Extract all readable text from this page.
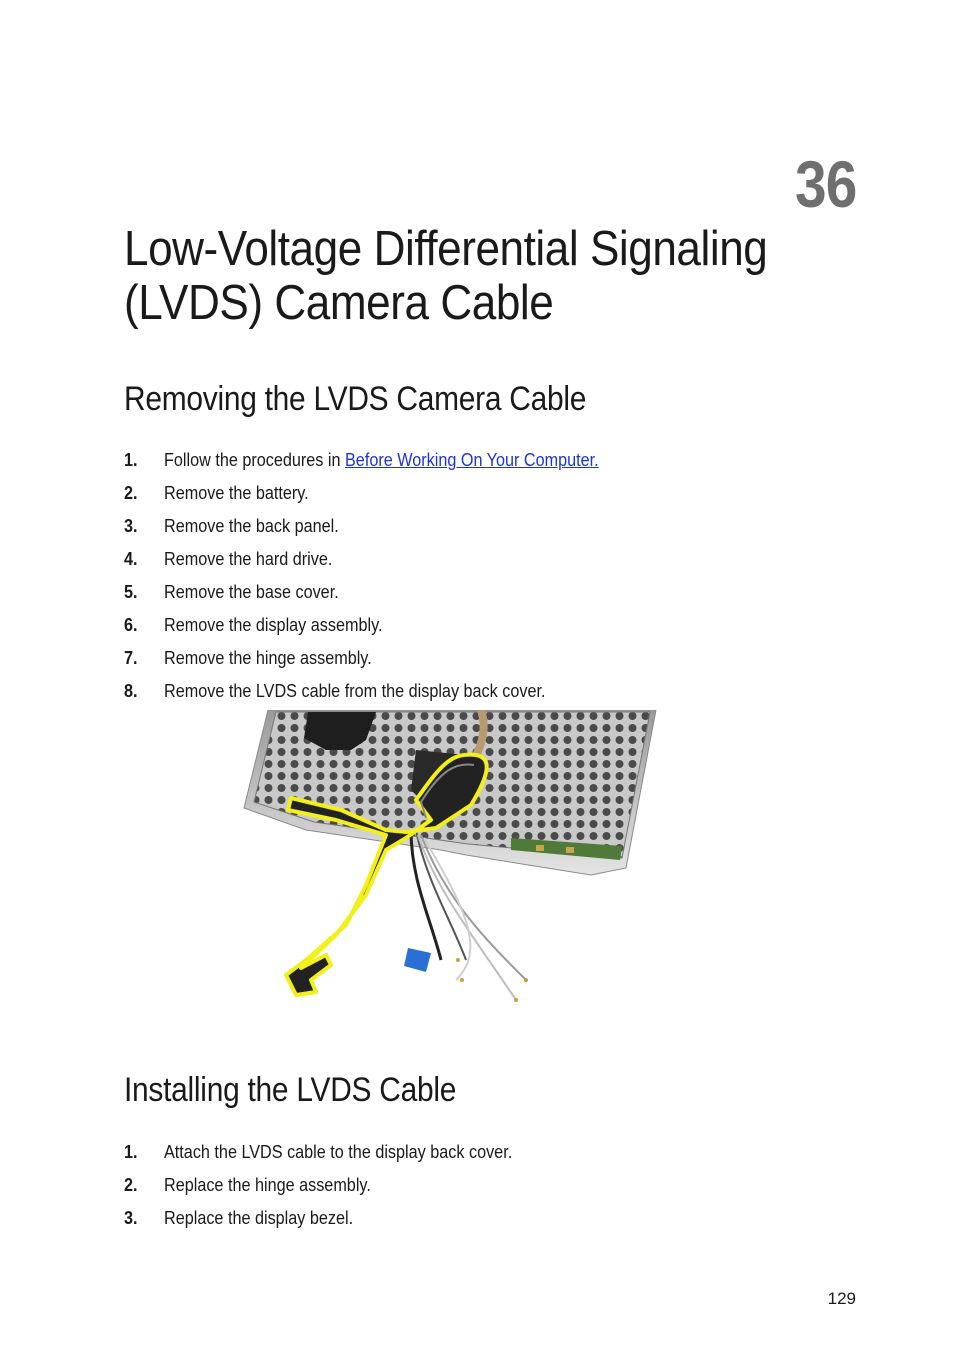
36
Low-Voltage Differential Signaling
(LVDS) Camera Cable
Removing the LVDS Camera Cable
1.	Follow the procedures in Before Working On Your Computer.
2.	Remove the battery.
3.	Remove the back panel.
4.	Remove the hard drive.
5.	Remove the base cover.
6.	Remove the display assembly.
7.	Remove the hinge assembly.
8.	Remove the LVDS cable from the display back cover.
Installing the LVDS Cable
1.	Attach the LVDS cable to the display back cover.
2.	Replace the hinge assembly.
3.	Replace the display bezel.
129
